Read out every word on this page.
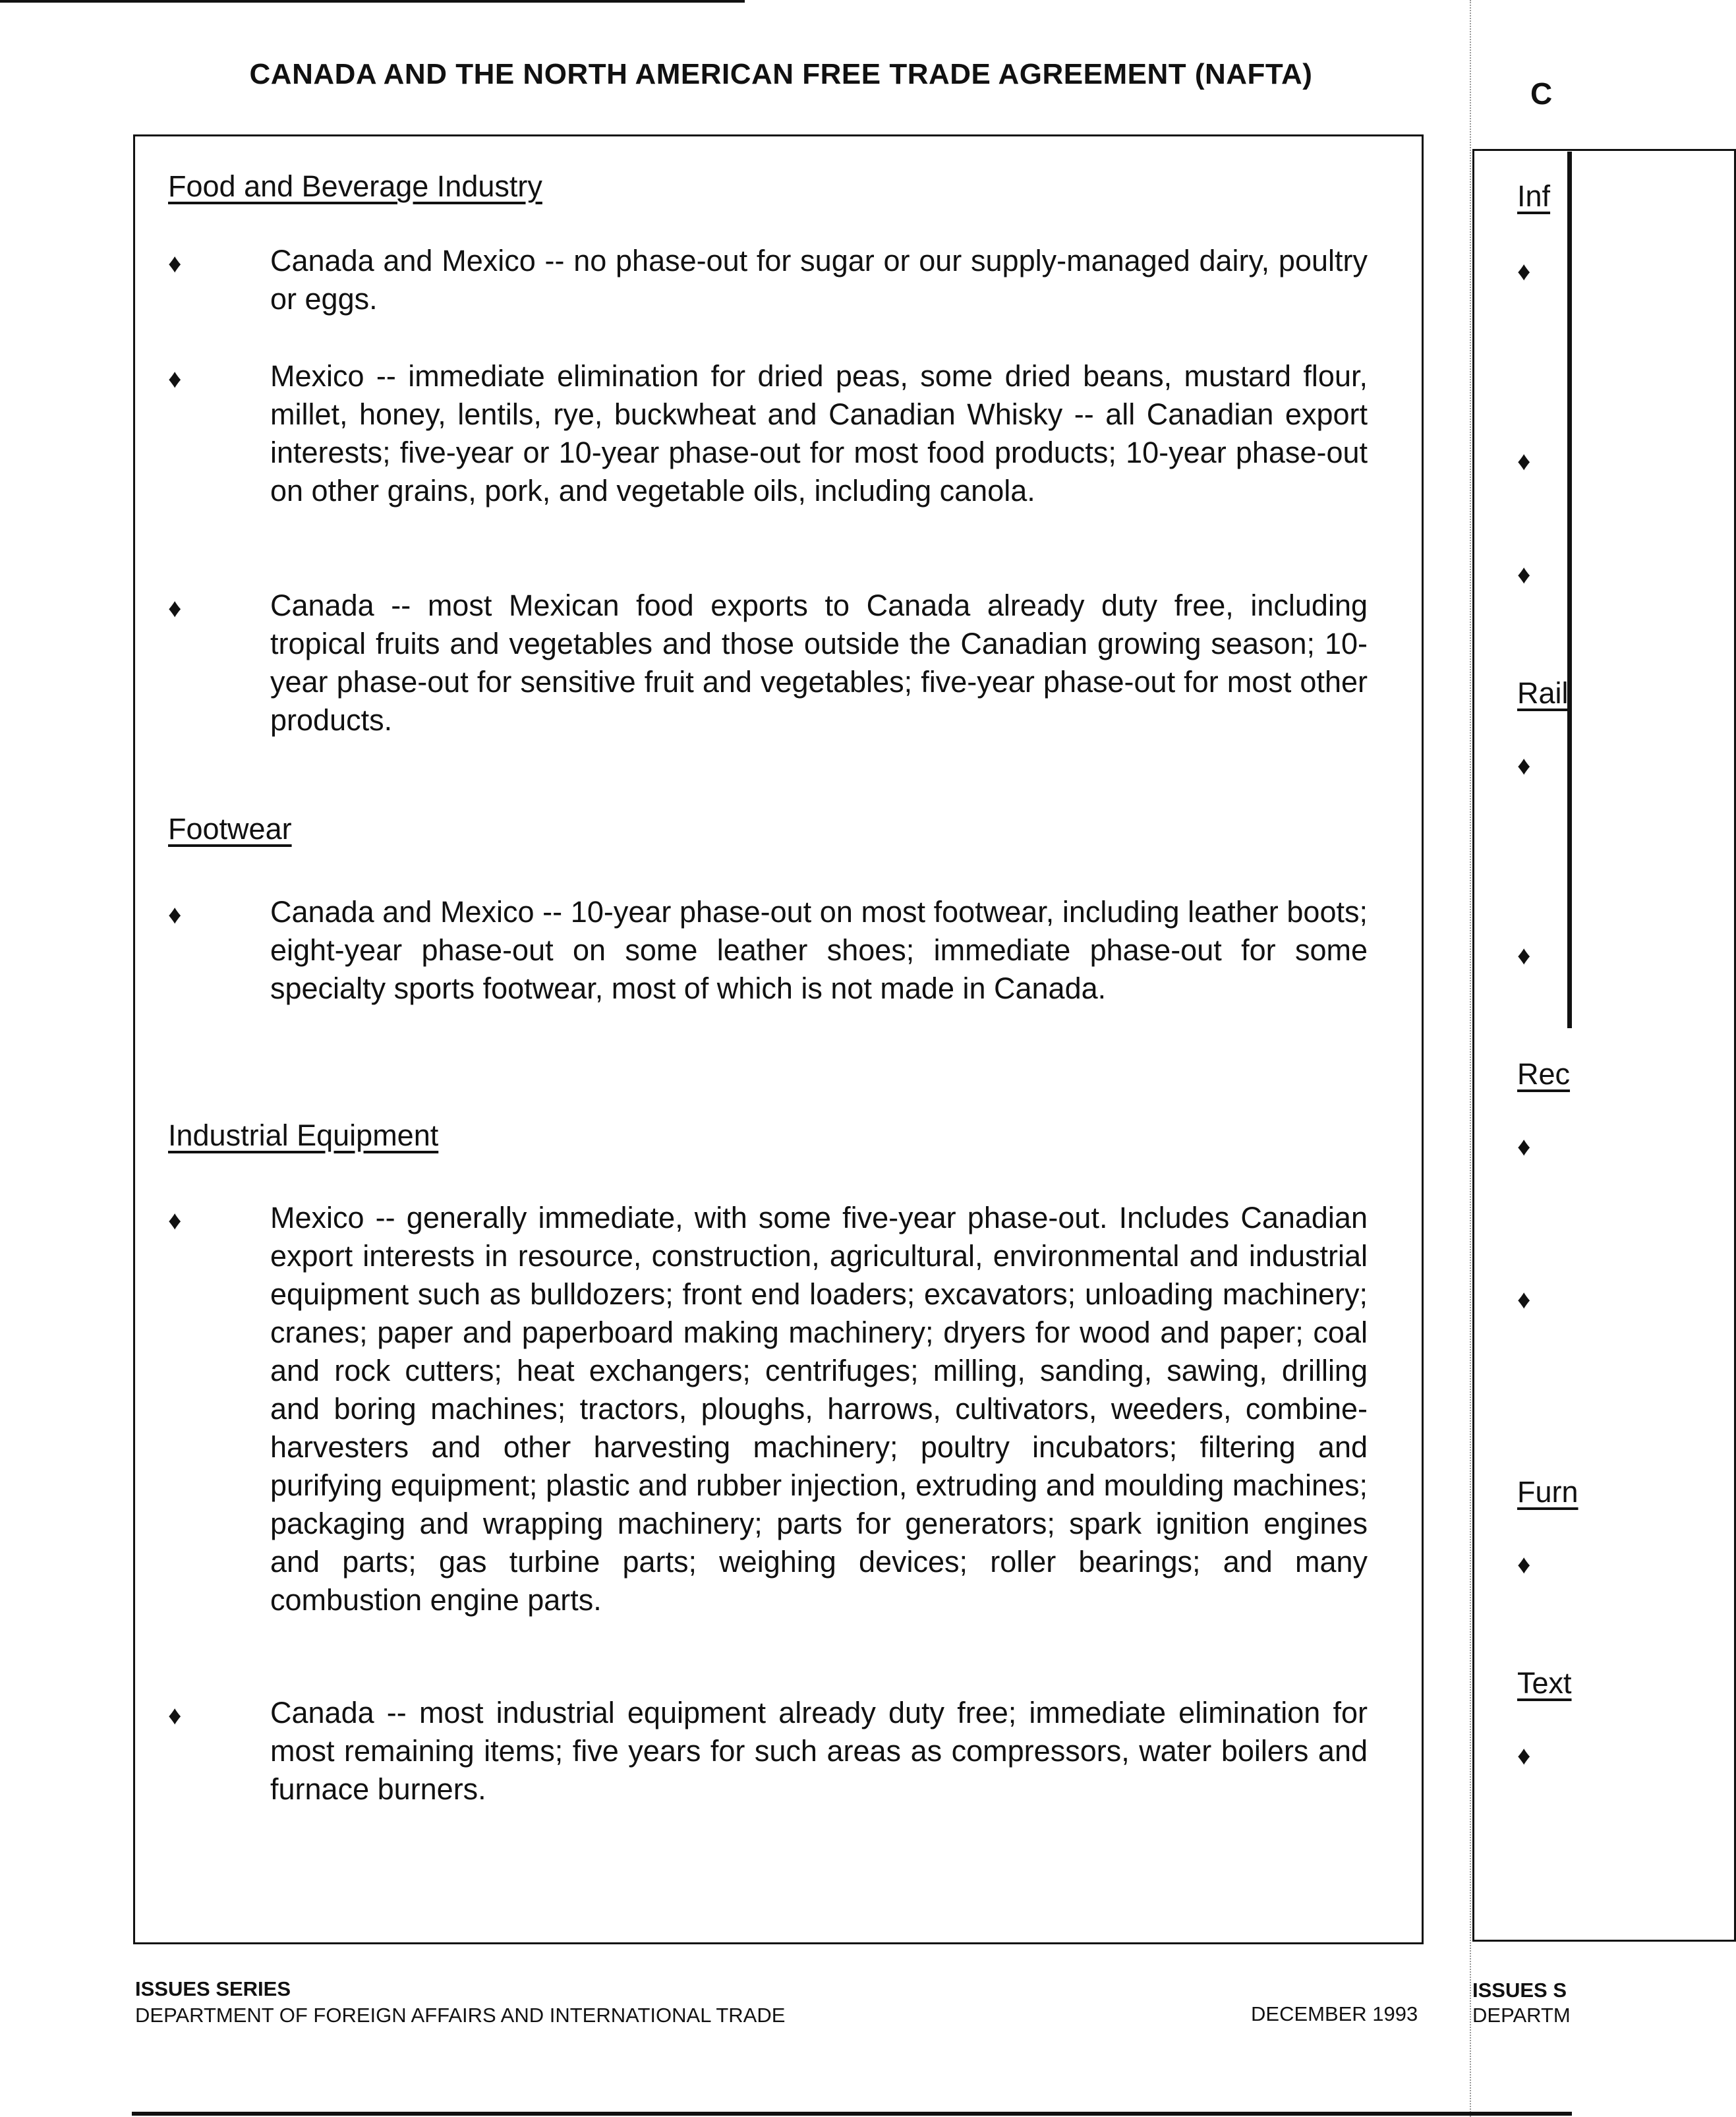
CANADA AND THE NORTH AMERICAN FREE TRADE AGREEMENT (NAFTA)
Food and Beverage Industry
♦	Canada and Mexico -- no phase-out for sugar or our supply-managed dairy, poultry or eggs.
♦	Mexico -- immediate elimination for dried peas, some dried beans, mustard flour, millet, honey, lentils, rye, buckwheat and Canadian Whisky -- all Canadian export interests; five-year or 10-year phase-out for most food products; 10-year phase-out on other grains, pork, and vegetable oils, including canola.
♦	Canada -- most Mexican food exports to Canada already duty free, including tropical fruits and vegetables and those outside the Canadian growing season; 10-year phase-out for sensitive fruit and vegetables; five-year phase-out for most other products.
Footwear
♦	Canada and Mexico -- 10-year phase-out on most footwear, including leather boots; eight-year phase-out on some leather shoes; immediate phase-out for some specialty sports footwear, most of which is not made in Canada.
Industrial Equipment
♦	Mexico -- generally immediate, with some five-year phase-out. Includes Canadian export interests in resource, construction, agricultural, environmental and industrial equipment such as bulldozers; front end loaders; excavators; unloading machinery; cranes; paper and paperboard making machinery; dryers for wood and paper; coal and rock cutters; heat exchangers; centrifuges; milling, sanding, sawing, drilling and boring machines; tractors, ploughs, harrows, cultivators, weeders, combine-harvesters and other harvesting machinery; poultry incubators; filtering and purifying equipment; plastic and rubber injection, extruding and moulding machines; packaging and wrapping machinery; parts for generators; spark ignition engines and parts; gas turbine parts; weighing devices; roller bearings; and many combustion engine parts.
♦	Canada -- most industrial equipment already duty free; immediate elimination for most remaining items; five years for such areas as compressors, water boilers and furnace burners.
ISSUES SERIES
DEPARTMENT OF FOREIGN AFFAIRS AND INTERNATIONAL TRADE	DECEMBER 1993
C
Inf
♦
♦
♦
Rail
♦
♦
Rec
♦
♦
Furn
♦
Text
♦
ISSUES S
DEPARTM
